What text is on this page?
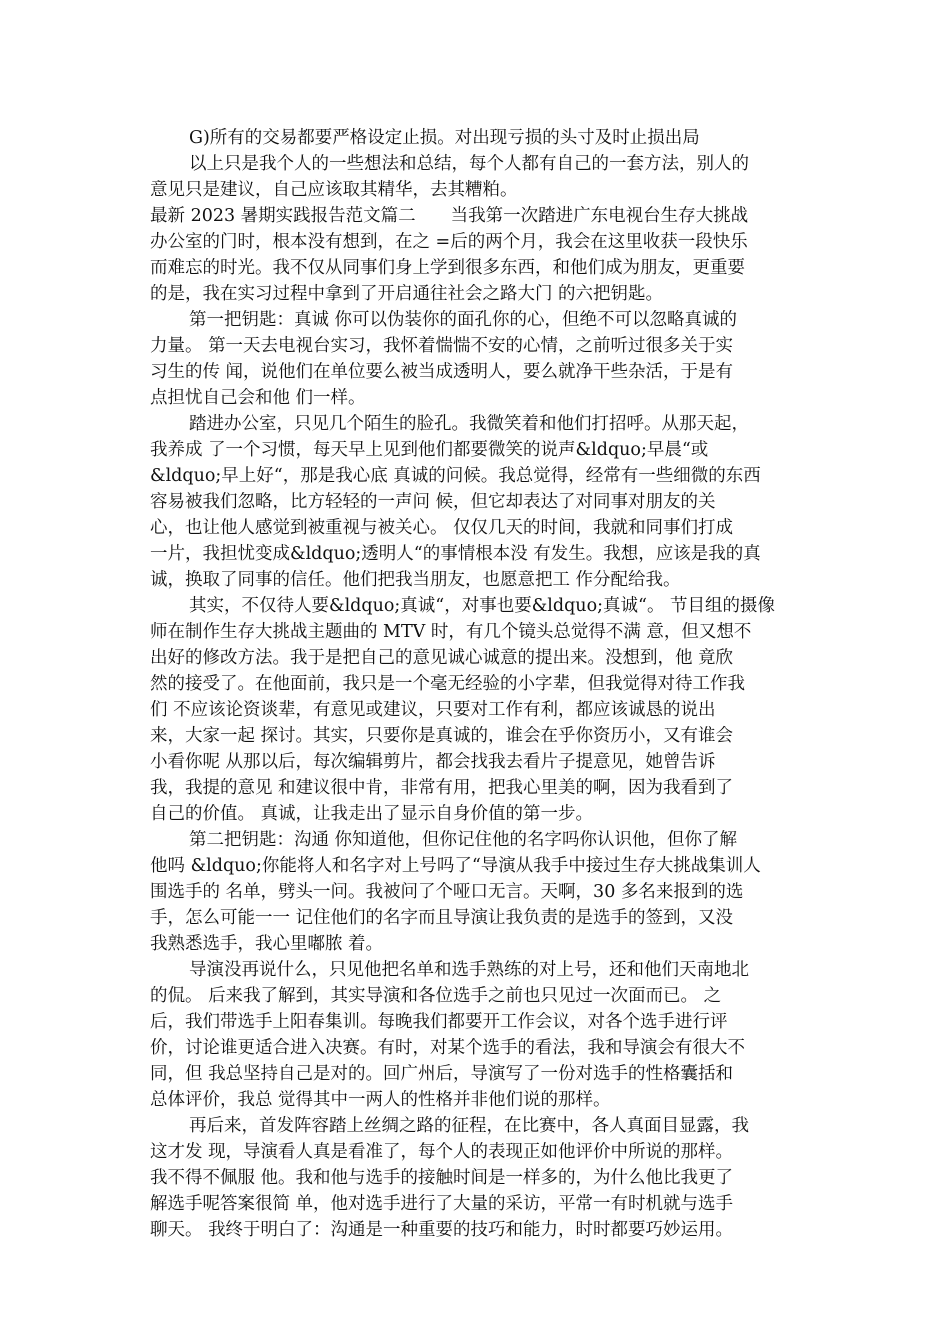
G)所有的交易都要严格设定止损。对出现亏损的头寸及时止损出局
以上只是我个人的一些想法和总结，每个人都有自己的一套方法，别人的
意见只是建议，自己应该取其精华，去其糟粕。
最新 2023 暑期实践报告范文篇二　　当我第一次踏进广东电视台生存大挑战
办公室的门时，根本没有想到，在之 =后的两个月，我会在这里收获一段快乐
而难忘的时光。我不仅从同事们身上学到很多东西，和他们成为朋友，更重要
的是，我在实习过程中拿到了开启通往社会之路大门 的六把钥匙。
第一把钥匙：真诚 你可以伪装你的面孔你的心，但绝不可以忽略真诚的
力量。 第一天去电视台实习，我怀着惴惴不安的心情，之前听过很多关于实
习生的传 闻，说他们在单位要么被当成透明人，要么就净干些杂活，于是有
点担忧自己会和他 们一样。
踏进办公室，只见几个陌生的脸孔。我微笑着和他们打招呼。从那天起，
我养成 了一个习惯，每天早上见到他们都要微笑的说声&ldquo;早晨“或
&ldquo;早上好“，那是我心底 真诚的问候。我总觉得，经常有一些细微的东西
容易被我们忽略，比方轻轻的一声问 候，但它却表达了对同事对朋友的关
心，也让他人感觉到被重视与被关心。 仅仅几天的时间，我就和同事们打成
一片，我担忧变成&ldquo;透明人“的事情根本没 有发生。我想，应该是我的真
诚，换取了同事的信任。他们把我当朋友，也愿意把工 作分配给我。
其实，不仅待人要&ldquo;真诚“，对事也要&ldquo;真诚“。 节目组的摄像
师在制作生存大挑战主题曲的 MTV 时，有几个镜头总觉得不满 意，但又想不
出好的修改方法。我于是把自己的意见诚心诚意的提出来。没想到，他 竟欣
然的接受了。在他面前，我只是一个毫无经验的小字辈，但我觉得对待工作我
们 不应该论资谈辈，有意见或建议，只要对工作有利，都应该诚恳的说出
来，大家一起 探讨。其实，只要你是真诚的，谁会在乎你资历小，又有谁会
小看你呢 从那以后，每次编辑剪片，都会找我去看片子提意见，她曾告诉
我，我提的意见 和建议很中肯，非常有用，把我心里美的啊，因为我看到了
自己的价值。 真诚，让我走出了显示自身价值的第一步。
第二把钥匙：沟通 你知道他，但你记住他的名字吗你认识他，但你了解
他吗 &ldquo;你能将人和名字对上号吗了“导演从我手中接过生存大挑战集训人
围选手的 名单，劈头一问。我被问了个哑口无言。天啊，30 多名来报到的选
手，怎么可能一一 记住他们的名字而且导演让我负责的是选手的签到，又没
我熟悉选手，我心里嘟脓 着。
导演没再说什么，只见他把名单和选手熟练的对上号，还和他们天南地北
的侃。 后来我了解到，其实导演和各位选手之前也只见过一次面而已。 之
后，我们带选手上阳春集训。每晚我们都要开工作会议，对各个选手进行评
价，讨论谁更适合进入决赛。有时，对某个选手的看法，我和导演会有很大不
同，但 我总坚持自己是对的。回广州后，导演写了一份对选手的性格囊括和
总体评价，我总 觉得其中一两人的性格并非他们说的那样。
再后来，首发阵容踏上丝绸之路的征程，在比赛中，各人真面目显露，我
这才发 现，导演看人真是看准了，每个人的表现正如他评价中所说的那样。
我不得不佩服 他。我和他与选手的接触时间是一样多的，为什么他比我更了
解选手呢答案很简 单，他对选手进行了大量的采访，平常一有时机就与选手
聊天。 我终于明白了：沟通是一种重要的技巧和能力，时时都要巧妙运用。
